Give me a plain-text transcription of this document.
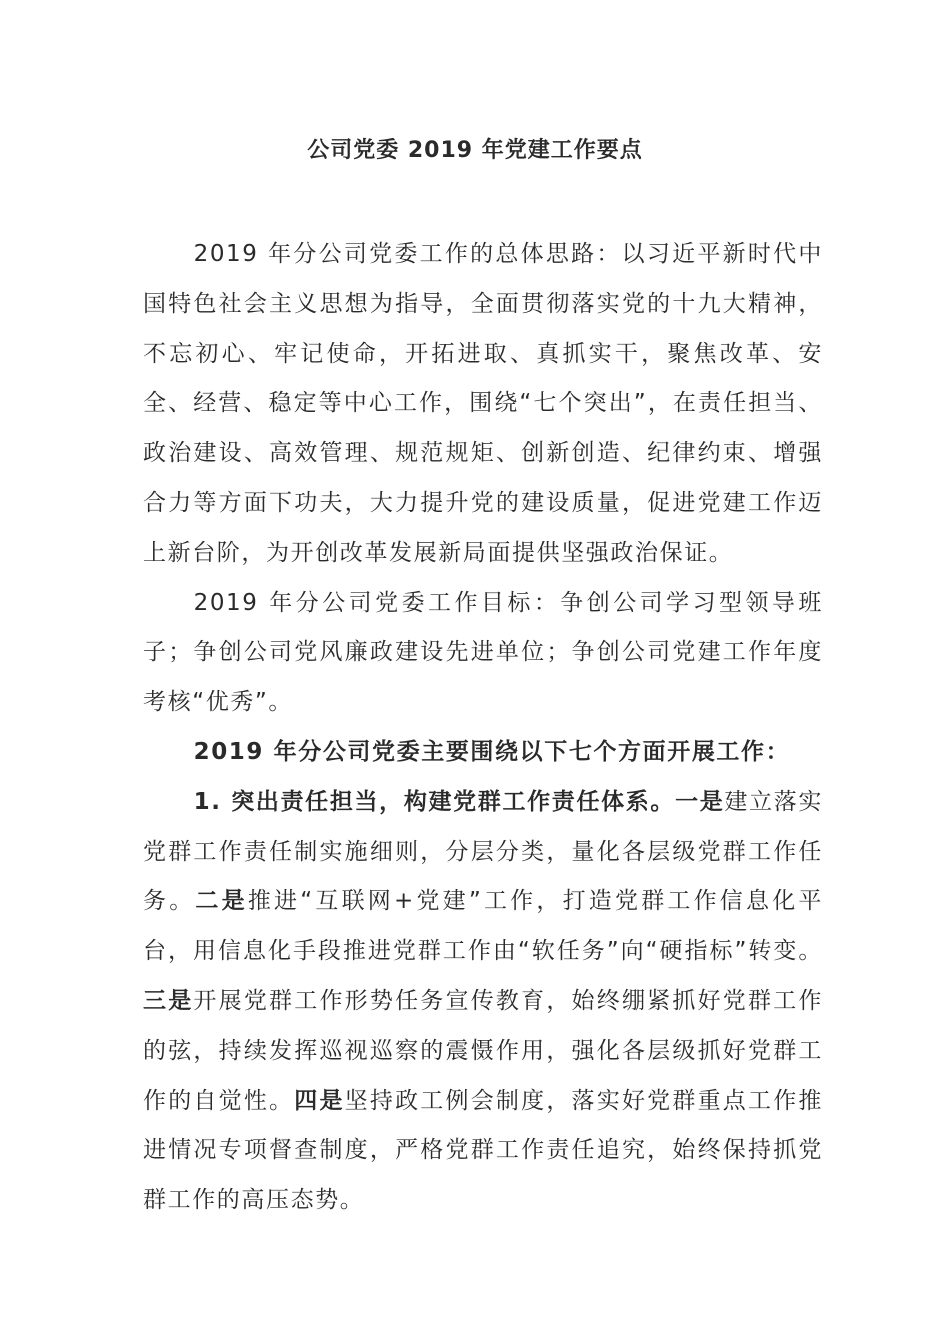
公司党委 2019 年党建工作要点

2019 年分公司党委工作的总体思路：以习近平新时代中国特色社会主义思想为指导，全面贯彻落实党的十九大精神，不忘初心、牢记使命，开拓进取、真抓实干，聚焦改革、安全、经营、稳定等中心工作，围绕“七个突出”，在责任担当、政治建设、高效管理、规范规矩、创新创造、纪律约束、增强合力等方面下功夫，大力提升党的建设质量，促进党建工作迈上新台阶，为开创改革发展新局面提供坚强政治保证。

2019 年分公司党委工作目标：争创公司学习型领导班子；争创公司党风廉政建设先进单位；争创公司党建工作年度考核“优秀”。

2019 年分公司党委主要围绕以下七个方面开展工作：

1. 突出责任担当，构建党群工作责任体系。一是建立落实党群工作责任制实施细则，分层分类，量化各层级党群工作任务。二是推进“互联网+党建”工作，打造党群工作信息化平台，用信息化手段推进党群工作由“软任务”向“硬指标”转变。三是开展党群工作形势任务宣传教育，始终绷紧抓好党群工作的弦，持续发挥巡视巡察的震慑作用，强化各层级抓好党群工作的自觉性。四是坚持政工例会制度，落实好党群重点工作推进情况专项督查制度，严格党群工作责任追究，始终保持抓党群工作的高压态势。
